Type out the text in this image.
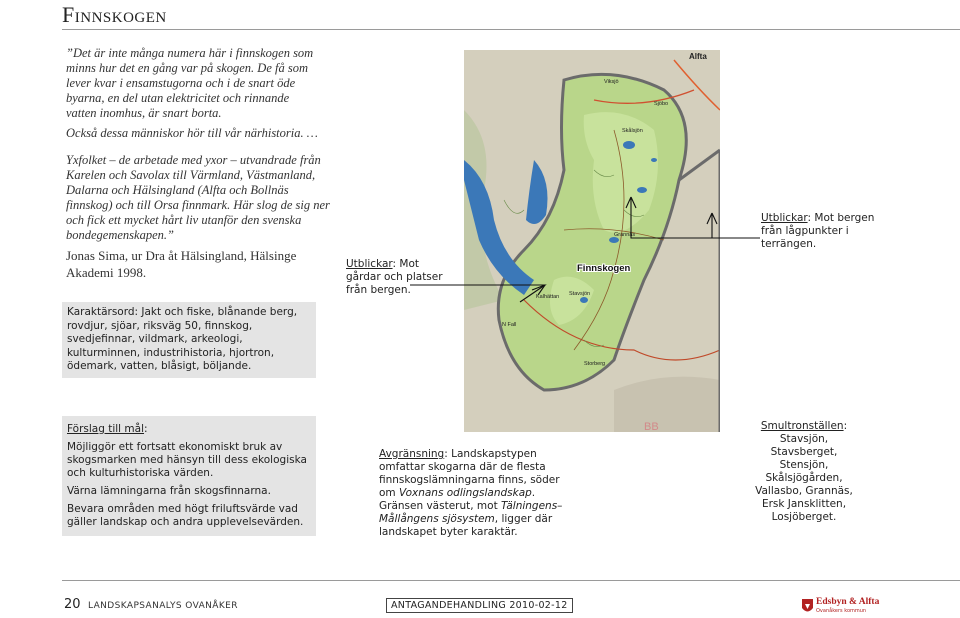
Finnskogen
”Det är inte många numera här i finnskogen som minns hur det en gång var på skogen. De få som lever kvar i ensamstugorna och i de snart öde byarna, en del utan elektricitet och rinnande vatten inomhus, är snart borta.
Också dessa människor hör till vår närhistoria. …
Yxfolket – de arbetade med yxor – utvandrade från Karelen och Savolax till Värmland, Västmanland, Dalarna och Hälsingland (Alfta och Bollnäs finnskog) och till Orsa finnmark. Här slog de sig ner och fick ett mycket hårt liv utanför den svenska bondegemenskapen.”
Jonas Sima, ur Dra åt Hälsingland, Hälsinge Akademi 1998.
Karaktärsord: Jakt och fiske, blånande berg, rovdjur, sjöar, riksväg 50, finnskog, svedjefinnar, vildmark, arkeologi, kulturminnen, industrihistoria, hjortron, ödemark, vatten, blåsigt, böljande.

Förslag till mål:

Möjliggör ett fortsatt ekonomiskt bruk av skogsmarken med hänsyn till dess ekologiska och kulturhistoriska värden.

Värna lämningarna från skogsfinnarna.

Bevara områden med högt friluftsvärde vad gäller landskap och andra upplevelsevärden.

Utblickar: Mot gårdar och platser från bergen.
Utblickar: Mot bergen från lågpunkter i terrängen.
Alfta
Viksjö
Sjöbo
Skålsjön
Grannäs
Stavsjön
Kalhättan
N Fall
Storberg
Finnskogen
BB
Avgränsning: Landskapstypen omfattar skogarna där de flesta finnskogslämningarna finns, söder om Voxnans odlingslandskap. Gränsen västerut, mot Tälningens–Mållångens sjösystem, ligger där landskapet byter karaktär.
Smultronställen:
Stavsjön, Stavsberget, Stensjön, Skålsjögården, Vallasbo, Grannäs, Ersk Jansklitten, Losjöberget.
20 LANDSKAPSANALYS OVANÅKER	ANTAGANDEHANDLING 2010-02-12	Edsbyn & Alfta
Ovanåkers kommun
